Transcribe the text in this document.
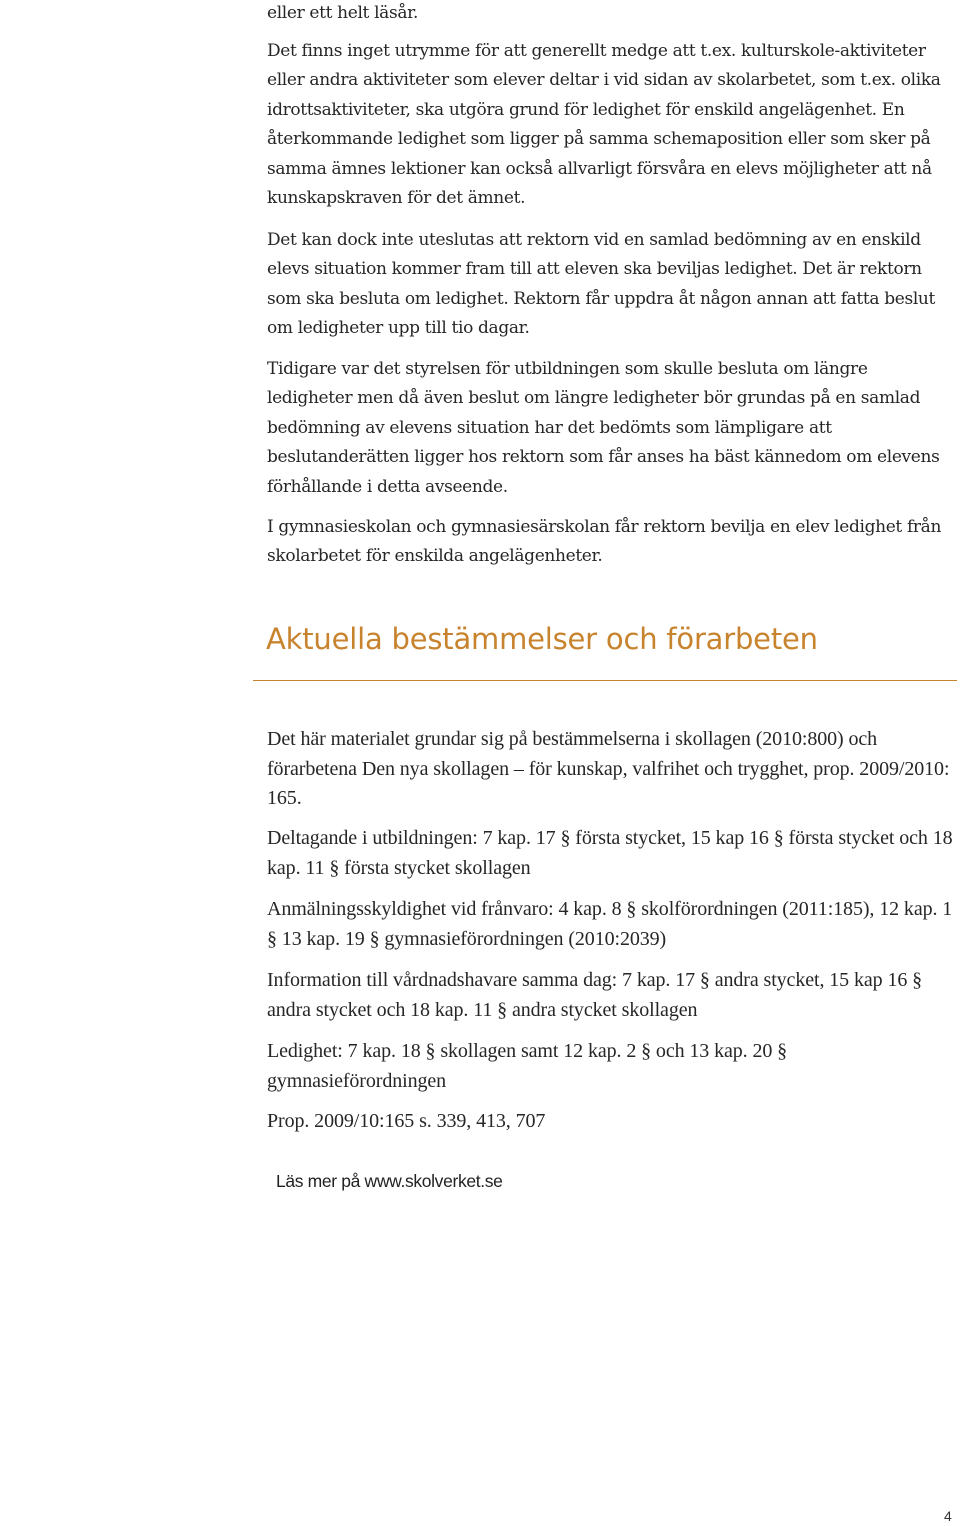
eller ett helt läsår.

Det finns inget utrymme för att generellt medge att t.ex. kulturskole-aktiviteter eller andra aktiviteter som elever deltar i vid sidan av skolarbetet, som t.ex. olika idrottsaktiviteter, ska utgöra grund för ledighet för enskild angelägenhet. En återkommande ledighet som ligger på samma schemaposition eller som sker på samma ämnes lektioner kan också allvarligt försvåra en elevs möjligheter att nå kunskapskraven för det ämnet.

Det kan dock inte uteslutas att rektorn vid en samlad bedömning av en enskild elevs situation kommer fram till att eleven ska beviljas ledighet. Det är rektorn som ska besluta om ledighet. Rektorn får uppdra åt någon annan att fatta beslut om ledigheter upp till tio dagar.

Tidigare var det styrelsen för utbildningen som skulle besluta om längre ledigheter men då även beslut om längre ledigheter bör grundas på en samlad bedömning av elevens situation har det bedömts som lämpligare att beslutanderätten ligger hos rektorn som får anses ha bäst kännedom om elevens förhållande i detta avseende.

I gymnasieskolan och gymnasiesärskolan får rektorn bevilja en elev ledighet från skolarbetet för enskilda angelägenheter.

Aktuella bestämmelser och förarbeten

Det här materialet grundar sig på bestämmelserna i skollagen (2010:800) och förarbetena Den nya skollagen – för kunskap, valfrihet och trygghet, prop. 2009/2010: 165.

Deltagande i utbildningen: 7 kap. 17 § första stycket, 15 kap 16 § första stycket och 18 kap. 11 § första stycket skollagen

Anmälningsskyldighet vid frånvaro: 4 kap. 8 § skolförordningen (2011:185), 12 kap. 1 § 13 kap. 19 § gymnasieförordningen (2010:2039)

Information till vårdnadshavare samma dag: 7 kap. 17 § andra stycket, 15 kap 16 § andra stycket och 18 kap. 11 § andra stycket skollagen

Ledighet: 7 kap. 18 § skollagen samt 12 kap. 2 § och 13 kap. 20 § gymnasieförordningen

Prop. 2009/10:165 s. 339, 413, 707

Läs mer på www.skolverket.se

4
